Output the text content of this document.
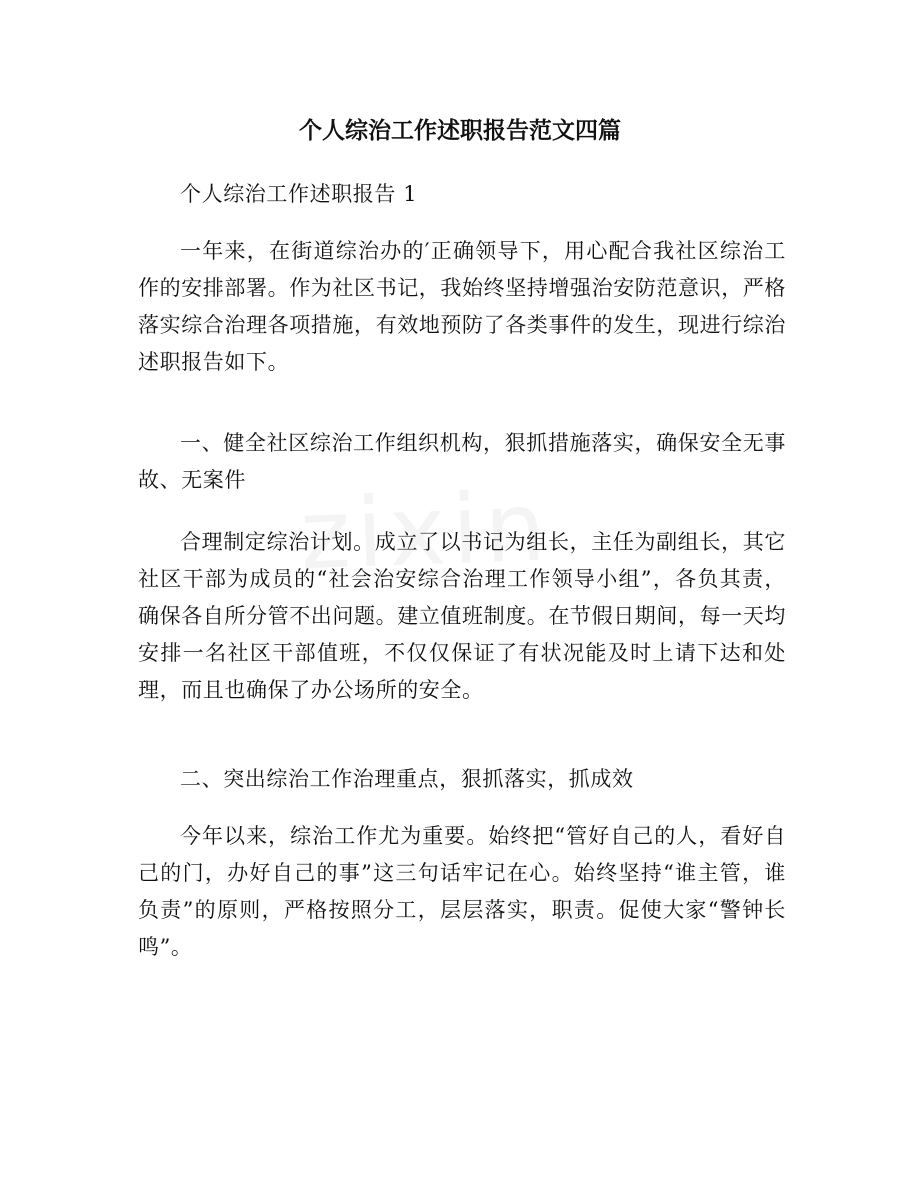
个人综治工作述职报告范文四篇
个人综治工作述职报告 1
一年来，在街道综治办的′正确领导下，用心配合我社区综治工作的安排部署。作为社区书记，我始终坚持增强治安防范意识，严格落实综合治理各项措施，有效地预防了各类事件的发生，现进行综治述职报告如下。
一、健全社区综治工作组织机构，狠抓措施落实，确保安全无事故、无案件
合理制定综治计划。成立了以书记为组长，主任为副组长，其它社区干部为成员的“社会治安综合治理工作领导小组”，各负其责，确保各自所分管不出问题。建立值班制度。在节假日期间，每一天均安排一名社区干部值班，不仅仅保证了有状况能及时上请下达和处理，而且也确保了办公场所的安全。
二、突出综治工作治理重点，狠抓落实，抓成效
今年以来，综治工作尤为重要。始终把“管好自己的人，看好自己的门，办好自己的事”这三句话牢记在心。始终坚持“谁主管，谁负责”的原则，严格按照分工，层层落实，职责。促使大家“警钟长鸣”。
